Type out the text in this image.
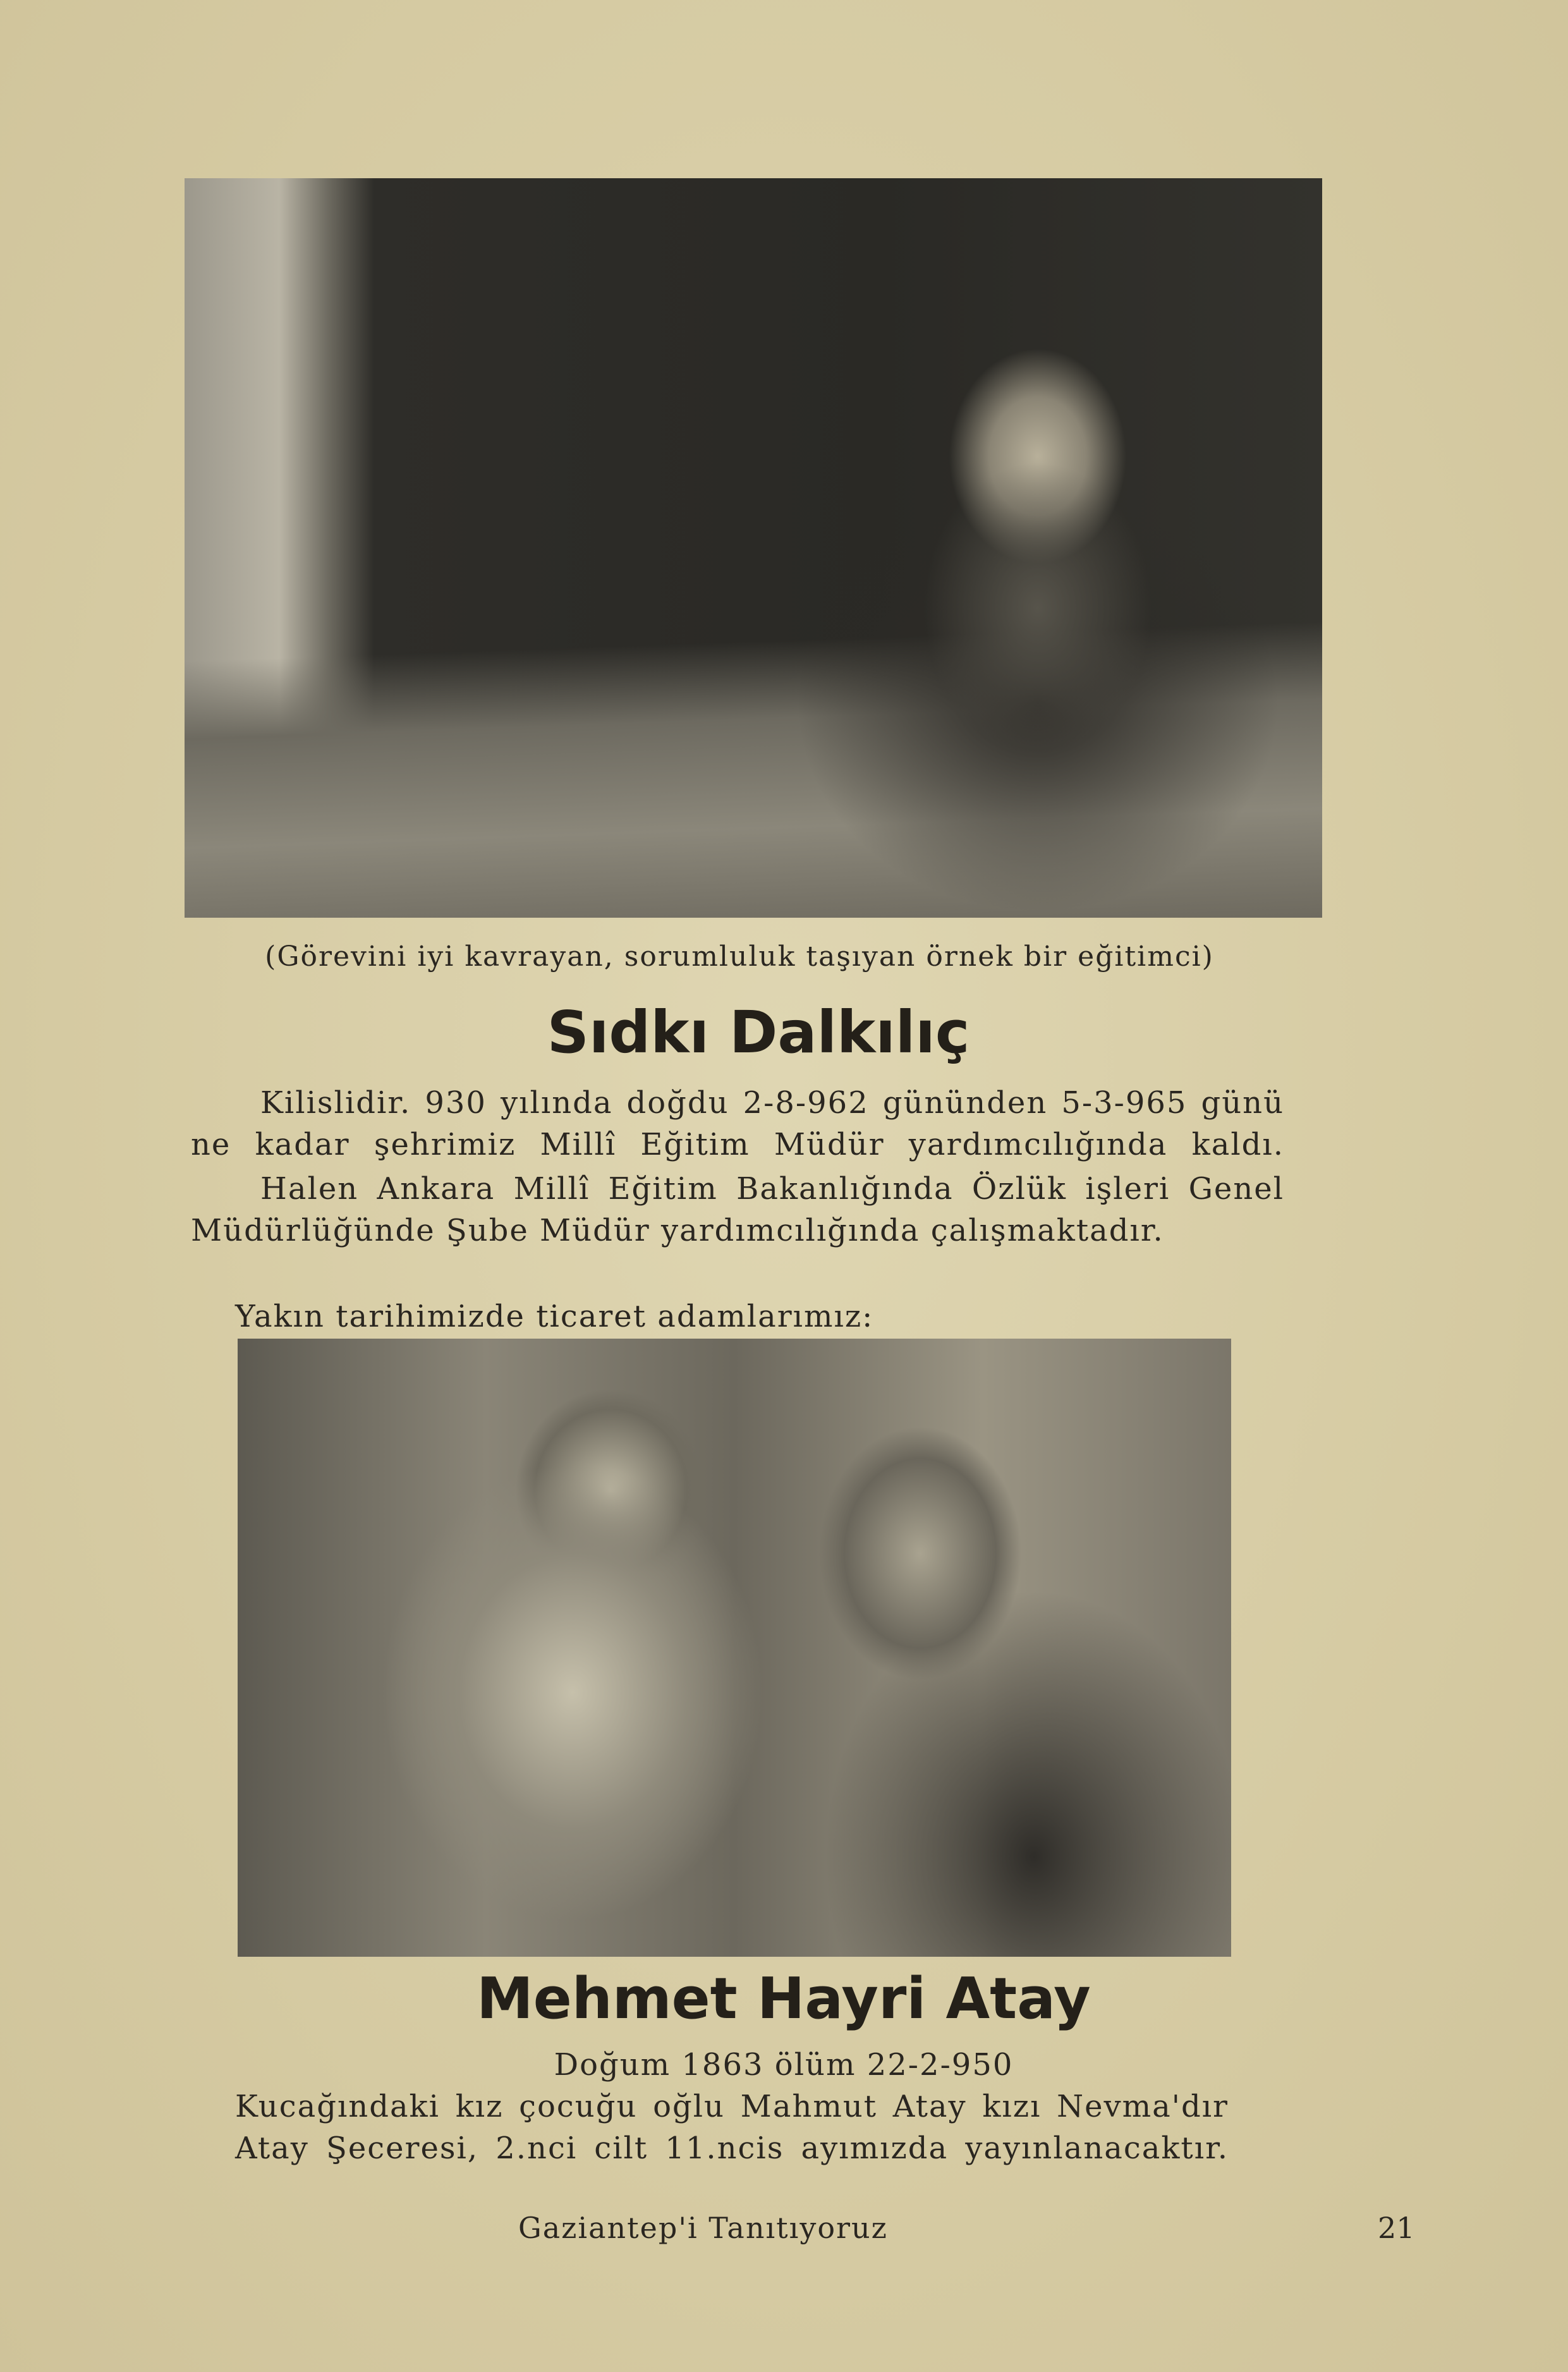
(Görevini iyi kavrayan, sorumluluk taşıyan örnek bir eğitimci)

Sıdkı Dalkılıç

Kilislidir. 930 yılında doğdu 2-8-962 gününden 5-3-965 günü

ne kadar şehrimiz Millî Eğitim Müdür yardımcılığında kaldı.

Halen Ankara Millî Eğitim Bakanlığında Özlük işleri Genel

Müdürlüğünde Şube Müdür yardımcılığında çalışmaktadır.

Yakın tarihimizde ticaret adamlarımız:

Mehmet Hayri Atay

Doğum 1863 ölüm 22-2-950

Kucağındaki kız çocuğu oğlu Mahmut Atay kızı Nevma'dır

Atay Şeceresi, 2.nci cilt 11.ncis ayımızda yayınlanacaktır.

Gaziantep'i Tanıtıyoruz	21
